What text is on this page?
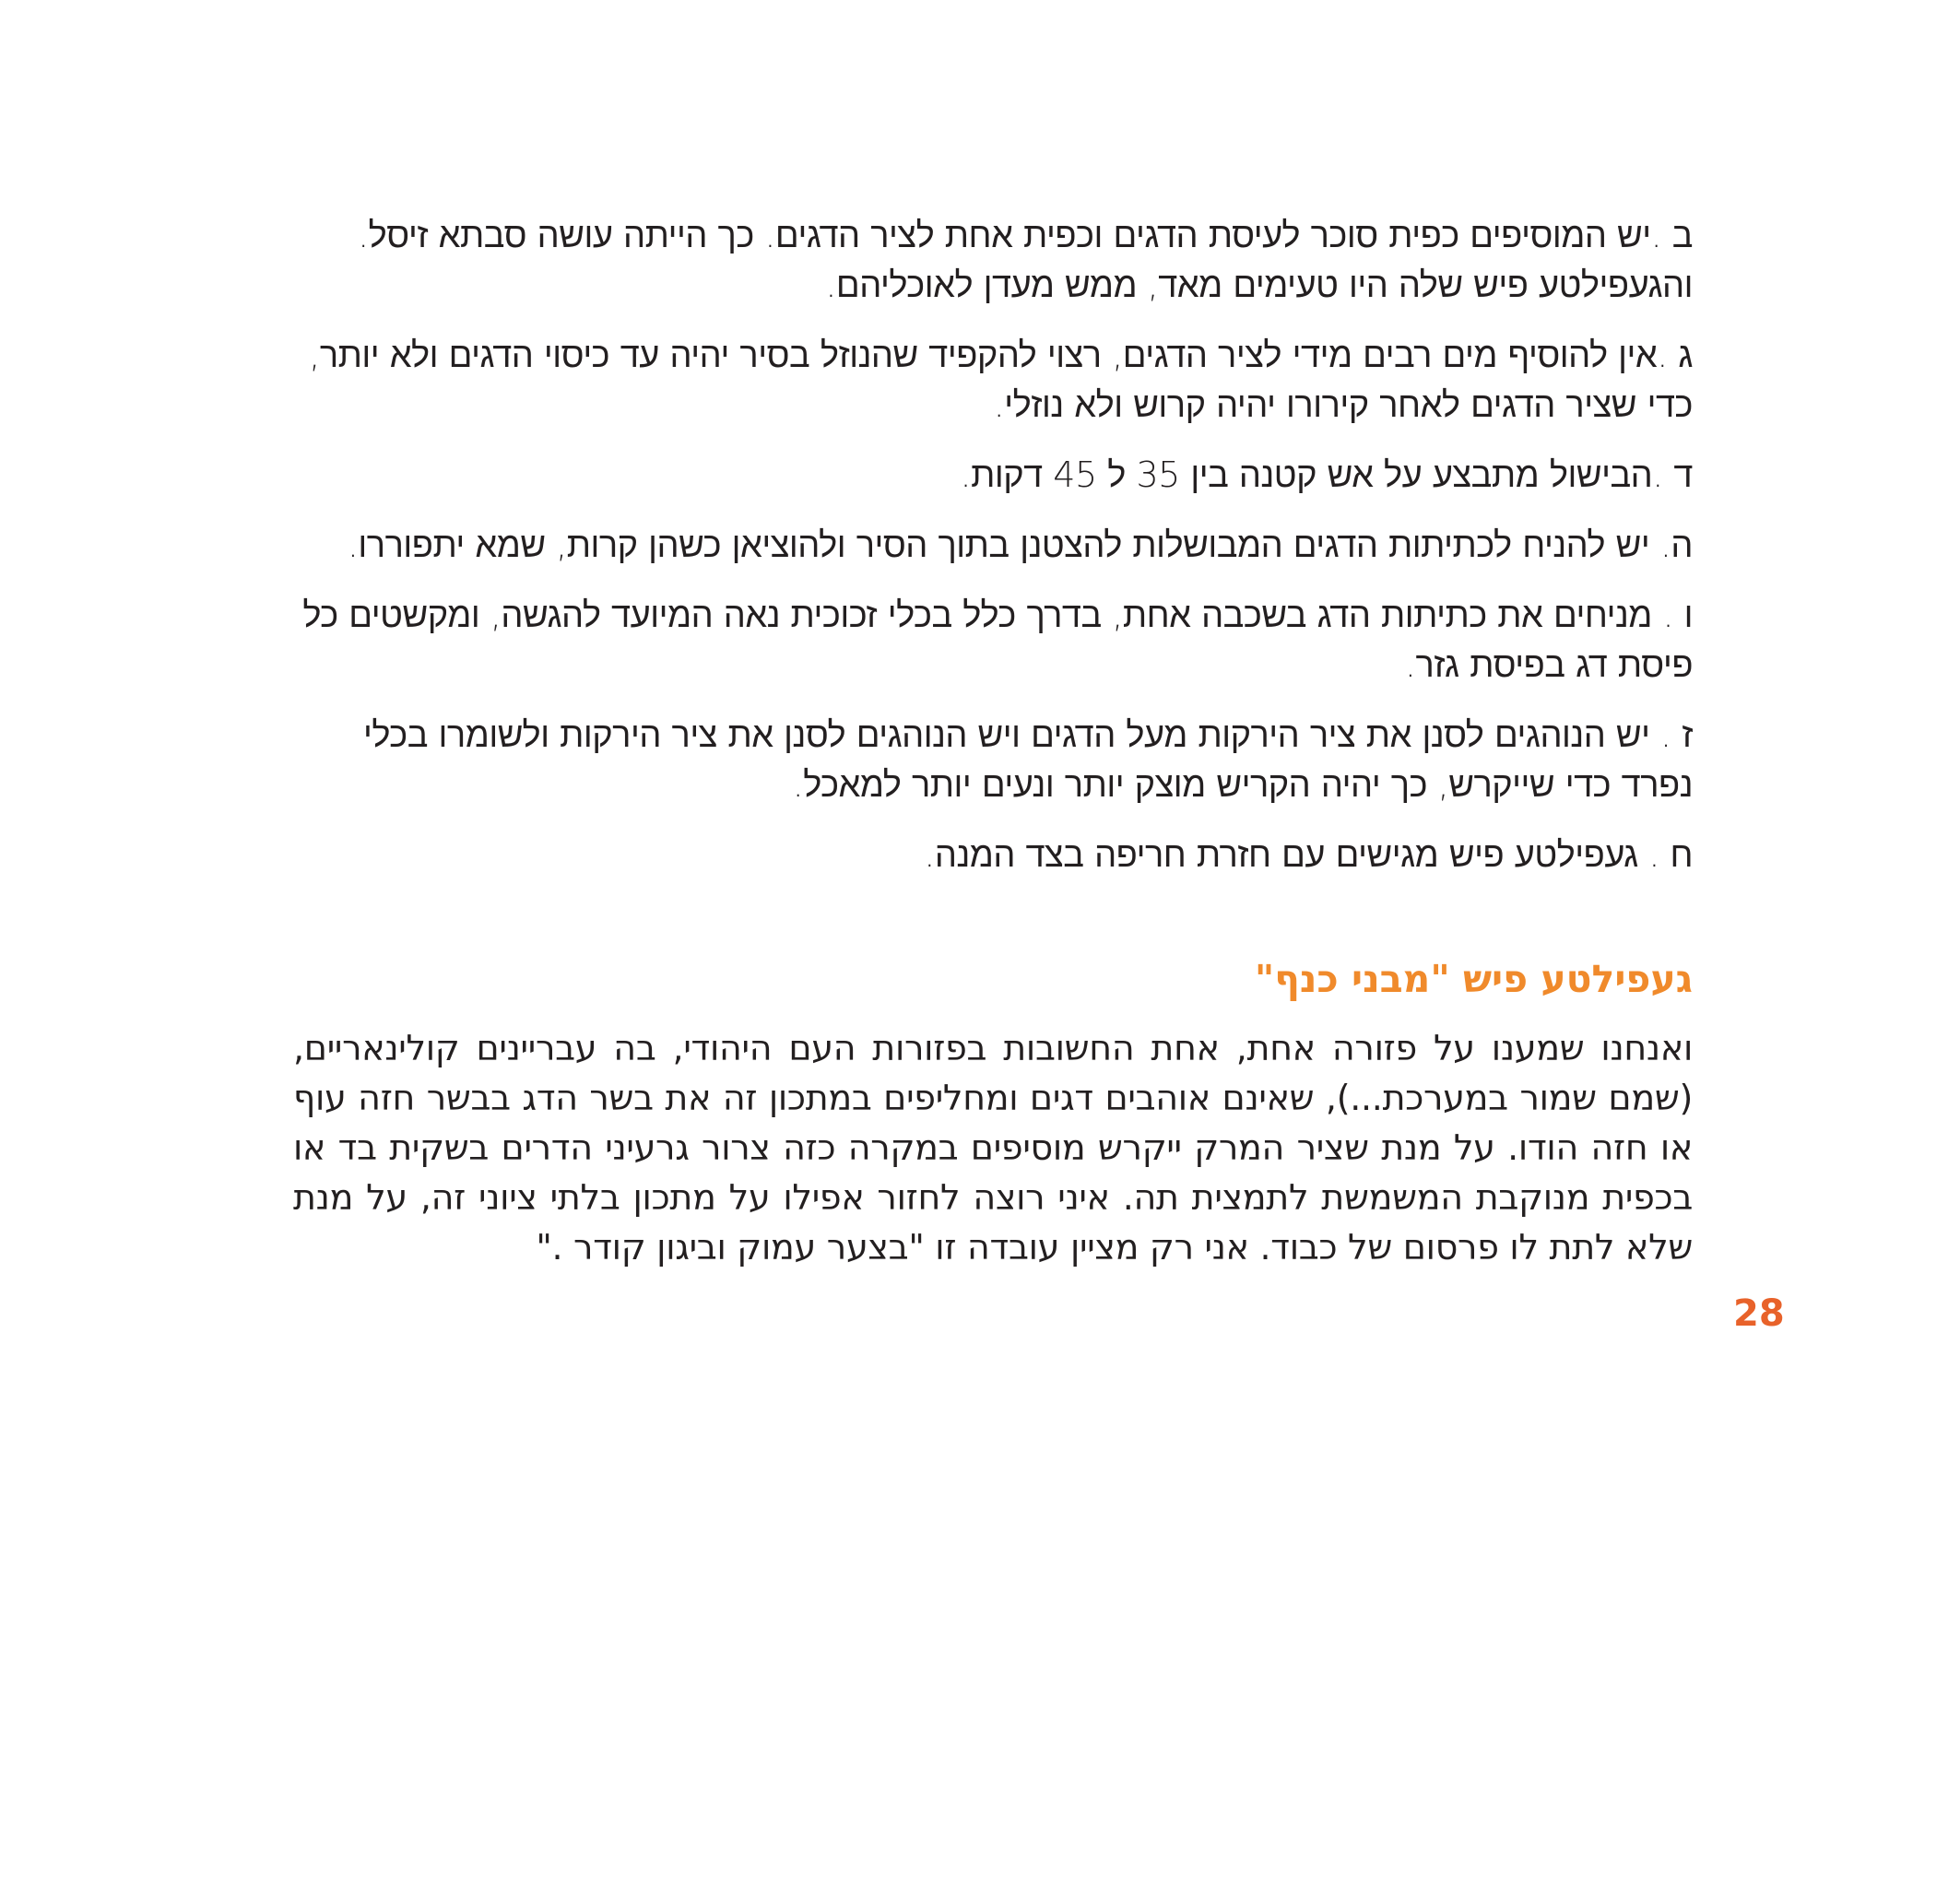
ב .יש המוסיפים כפית סוכר לעיסת הדגים וכפית אחת לציר הדגים. כך הייתה עושה סבתא זיסל. והגעפילטע פיש שלה היו טעימים מאד, ממש מעדן לאוכליהם.

ג .אין להוסיף מים רבים מידי לציר הדגים, רצוי להקפיד שהנוזל בסיר יהיה עד כיסוי הדגים ולא יותר, כדי שציר הדגים לאחר קירורו יהיה קרוש ולא נוזלי.

ד .הבישול מתבצע על אש קטנה בין 35 ל 45 דקות.

ה. יש להניח לכתיתות הדגים המבושלות להצטנן בתוך הסיר ולהוציאן כשהן קרות, שמא יתפוררו.

ו . מניחים את כתיתות הדג בשכבה אחת, בדרך כלל בכלי זכוכית נאה המיועד להגשה, ומקשטים כל פיסת דג בפיסת גזר.

ז . יש הנוהגים לסנן את ציר הירקות מעל הדגים ויש הנוהגים לסנן את ציר הירקות ולשומרו בכלי נפרד כדי שייקרש, כך יהיה הקריש מוצק יותר ונעים יותר למאכל.

ח . געפילטע פיש מגישים עם חזרת חריפה בצד המנה.

געפילטע פיש "מבני כנף"

ואנחנו שמענו על פזורה אחת, אחת החשובות בפזורות העם היהודי, בה עבריינים קולינאריים, (שמם שמור במערכת...), שאינם אוהבים דגים ומחליפים במתכון זה את בשר הדג בבשר חזה עוף או חזה הודו. על מנת שציר המרק ייקרש מוסיפים במקרה כזה צרור גרעיני הדרים בשקית בד או בכפית מנוקבת המשמשת לתמצית תה. איני רוצה לחזור אפילו על מתכון בלתי ציוני זה, על מנת שלא לתת לו פרסום של כבוד. אני רק מציין עובדה זו "בצער עמוק וביגון קודר ."

28
